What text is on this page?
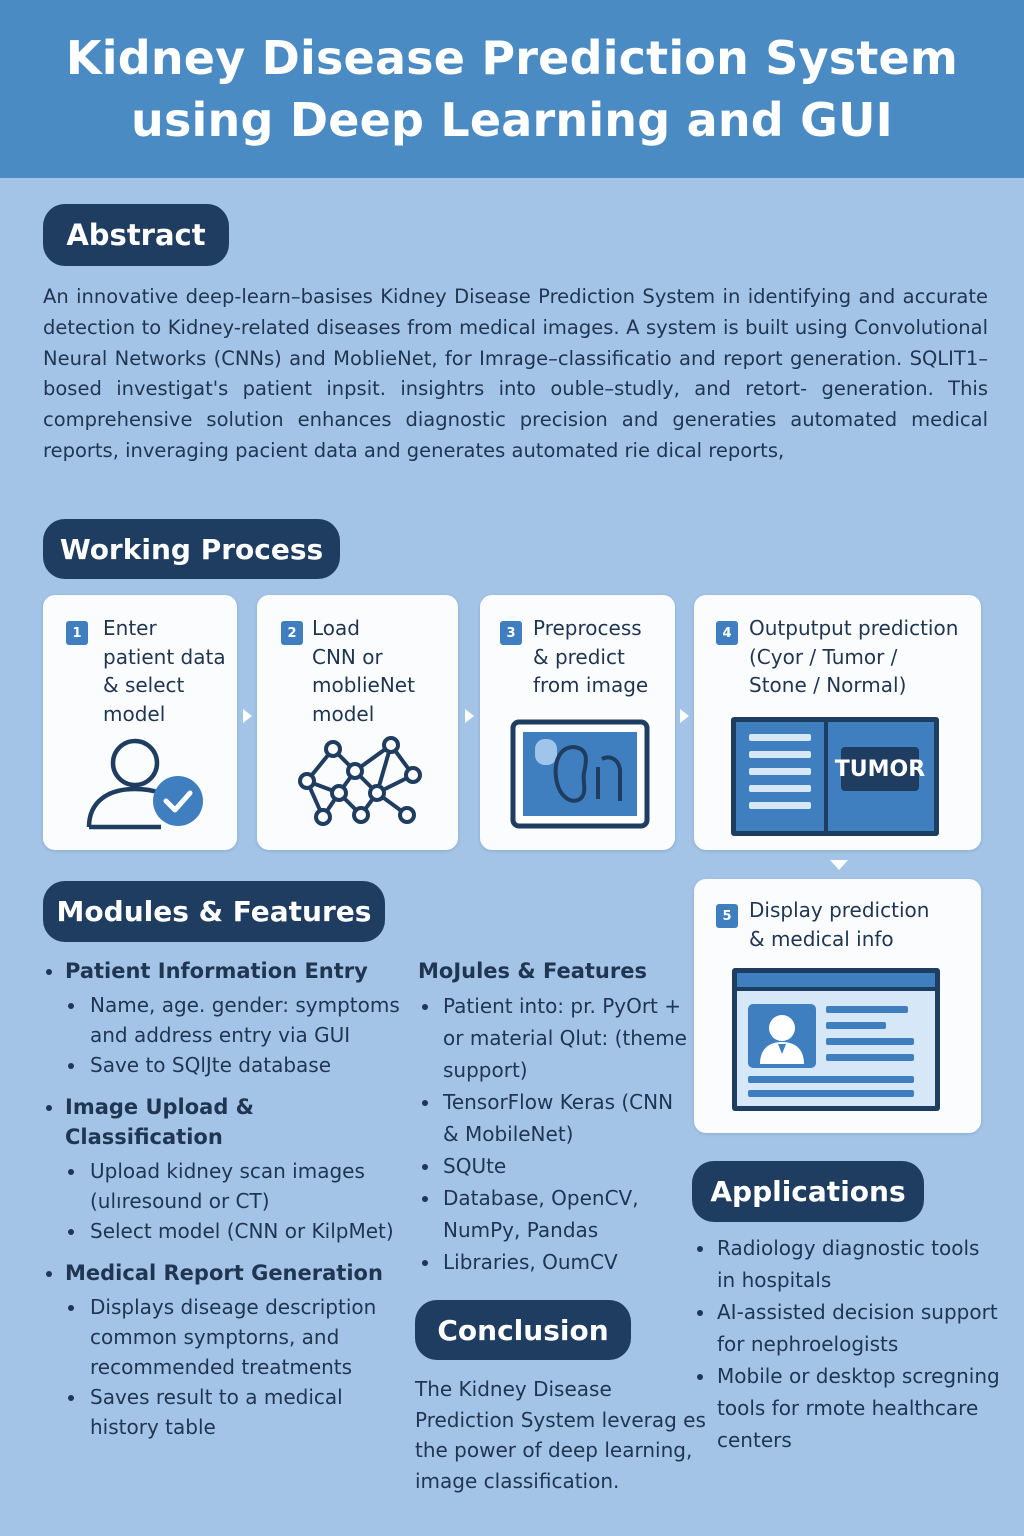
Kidney Disease Prediction System
using Deep Learning and GUI
Abstract

An innovative deep-learn–basises Kidney Disease Prediction System in identifying and accurate detection to Kidney-related diseases from medical images. A system is built using Convolutional Neural Networks (CNNs) and MoblieNet, for Imrage–classificatio and report generation. SQLIT1–bosed investigat's patient inpsit. insightrs into ouble–studly, and retort- generation. This comprehensive solution enhances diagnostic precision and generaties automated medical reports, inveraging pacient data and generates automated rie dical reports,

Working Process
1	Enter
patient data
& select
model
2 Load
CNN or
moblieNet
model
3 Preprocess
& predict
from image
4 Outputput prediction
(Cyor / Tumor /
Stone / Normal)
TUMOR
5 Display prediction
& medical info
Modules & Features
Patient Information Entry
Name, age. gender: symptoms and address entry via GUI
Save to SQlJte database
Image Upload & Classification
Upload kidney scan images (ulıresound or CT)
Select model (CNN or KilpMet)
Medical Report Generation
Displays diseage description common symptorns, and recommended treatments
Saves result to a medical history table
MoJules & Features
Patient into: pr. PyOrt + or material Qlut: (theme support)
TensorFlow Keras (CNN & MobileNet)
SQUte
Database, OpenCV, NumPy, Pandas
Libraries, OumCV
Conclusion

The Kidney Disease Prediction System leverag es the power of deep learning, image classification.

Applications
Radiology diagnostic tools in hospitals
AI-assisted decision support for nephroelogists
Mobile or desktop scregning tools for rmote healthcare centers
